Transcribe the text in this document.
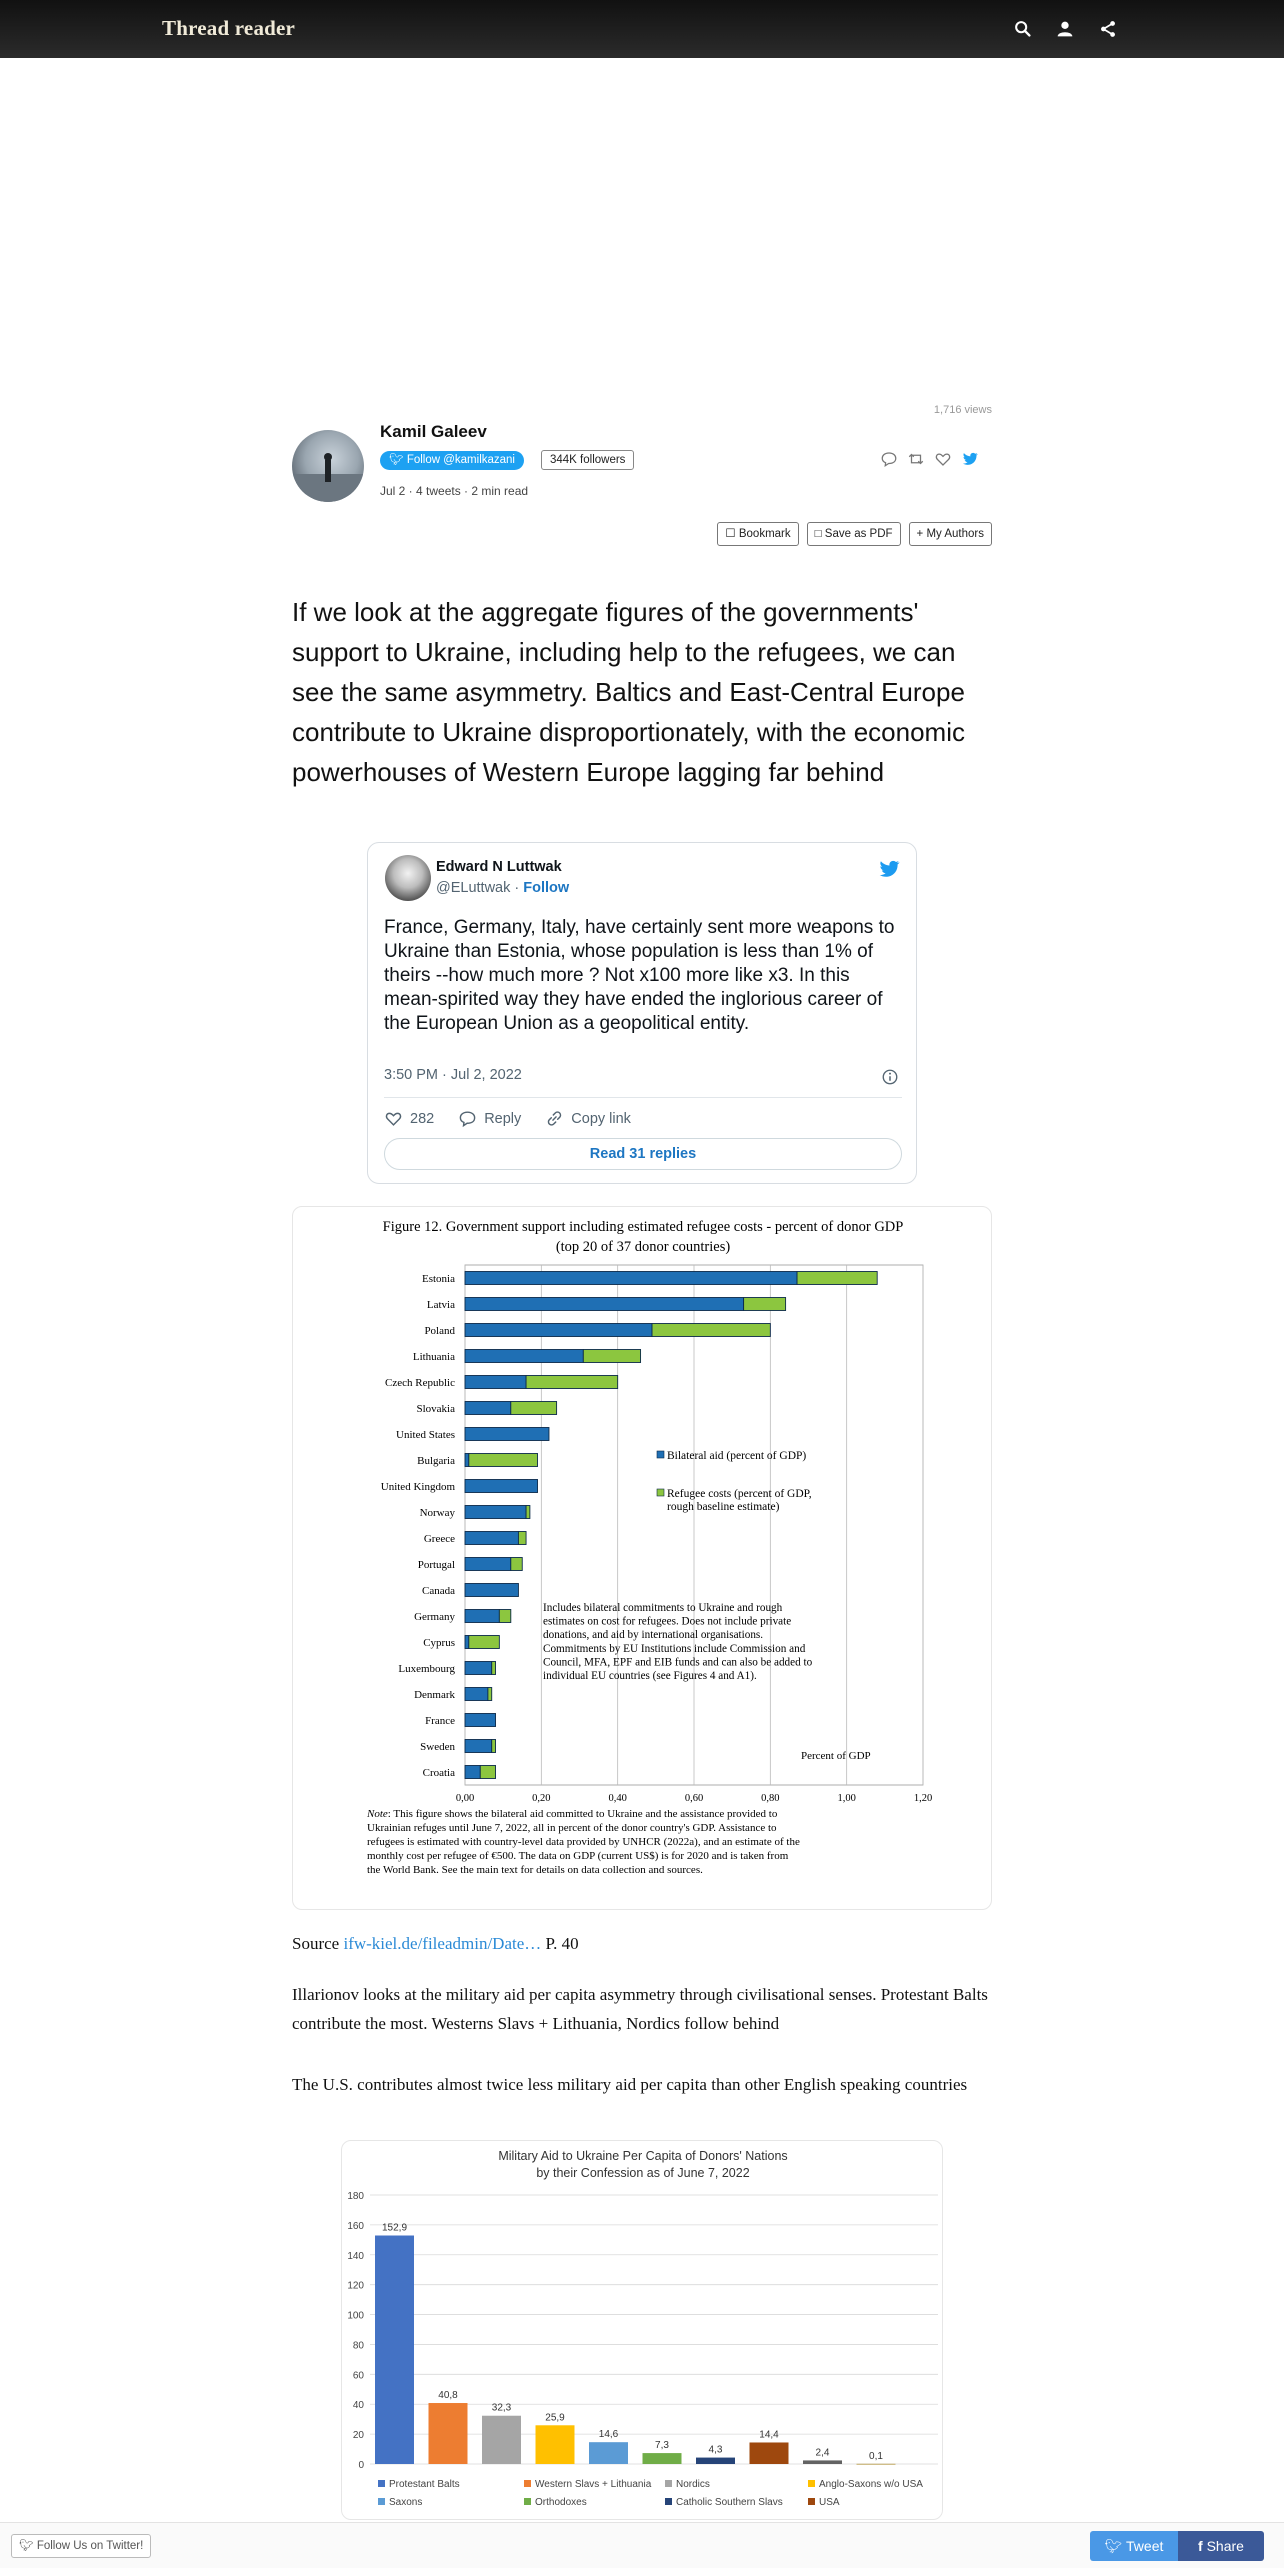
Thread reader
1,716 views
Kamil Galeev
🐦︎ Follow @kamilkazani	344K followers
Jul 2 · 4 tweets · 2 min read
☐ Bookmark	□ Save as PDF	+ My Authors
If we look at the aggregate figures of the governments' support to Ukraine, including help to the refugees, we can see the same asymmetry. Baltics and East-Central Europe contribute to Ukraine disproportionately, with the economic powerhouses of Western Europe lagging far behind
Edward N Luttwak
@ELuttwak · Follow
France, Germany, Italy, have certainly sent more weapons to Ukraine than Estonia, whose population is less than 1% of theirs --how much more ? Not x100 more like x3. In this mean-spirited way they have ended the inglorious career of the European Union as a geopolitical entity.
3:50 PM · Jul 2, 2022
282	Reply	Copy link
Read 31 replies
Figure 12. Government support including estimated refugee costs - percent of donor GDP
(top 20 of 37 donor countries)
0,00	0,20	0,40	0,60	0,80	1,00	1,20
Estonia
Latvia
Poland
Lithuania
Czech Republic
Slovakia
United States
Bulgaria
United Kingdom
Norway
Greece
Portugal
Canada
Germany
Cyprus
Luxembourg
Denmark
France
Sweden
Croatia
Bilateral aid (percent of GDP)
Refugee costs (percent of GDP,
rough baseline estimate)
Includes bilateral commitments to Ukraine and rough
estimates on cost for refugees. Does not include private
donations, and aid by international organisations.
Commitments by EU Institutions include Commission and
Council, MFA, EPF and EIB funds and can also be added to
individual EU countries (see Figures 4 and A1).
Percent of GDP
Note: This figure shows the bilateral aid committed to Ukraine and the assistance provided to
Ukrainian refuges until June 7, 2022, all in percent of the donor country's GDP. Assistance to
refugees is estimated with country-level data provided by UNHCR (2022a), and an estimate of the
monthly cost per refugee of €500. The data on GDP (current US$) is for 2020 and is taken from
the World Bank. See the main text for details on data collection and sources.
Source ifw-kiel.de/fileadmin/Date… P. 40
Illarionov looks at the military aid per capita asymmetry through civilisational senses. Protestant Balts contribute the most. Westerns Slavs + Lithuania, Nordics follow behind
The U.S. contributes almost twice less military aid per capita than other English speaking countries
Military Aid to Ukraine Per Capita of Donors' Nations
by their Confession as of June 7, 2022
0
20
40
60
80
100
120
140
160
180
152,9
40,8
32,3
25,9
14,6
7,3	4,3
14,4
2,4	0,1
Protestant Balts	Western Slavs + Lithuania Nordics	Anglo-Saxons w/o USA
Saxons	Orthodoxes	Catholic Southern Slavs	USA
🐦︎ Follow Us on Twitter!	🐦︎ Tweet	f Share
